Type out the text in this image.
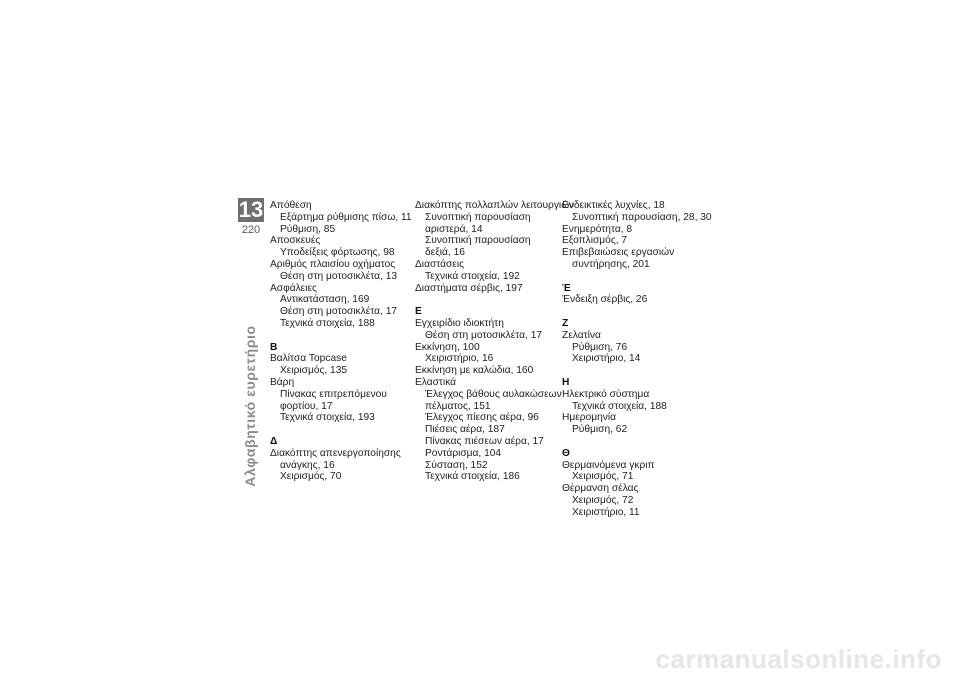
13
220
Αλφαβητικό ευρετήριο
Απόθεση
Εξάρτημα ρύθμισης πίσω, 11
Ρύθμιση, 85
Αποσκευές
Υποδείξεις φόρτωσης, 98
Αριθμός πλαισίου οχήματος
Θέση στη μοτοσικλέτα, 13
Ασφάλειες
Αντικατάσταση, 169
Θέση στη μοτοσικλέτα, 17
Τεχνικά στοιχεία, 188
Β
Βαλίτσα Topcase
Χειρισμός, 135
Βάρη
Πίνακας επιτρεπόμενου
φορτίου, 17
Τεχνικά στοιχεία, 193
Δ
Διακόπτης απενεργοποίησης
ανάγκης, 16
Χειρισμός, 70
Διακόπτης πολλαπλών λειτουργιών
Συνοπτική παρουσίαση
αριστερά, 14
Συνοπτική παρουσίαση
δεξιά, 16
Διαστάσεις
Τεχνικά στοιχεία, 192
Διαστήματα σέρβις, 197
Ε
Εγχειρίδιο ιδιοκτήτη
Θέση στη μοτοσικλέτα, 17
Εκκίνηση, 100
Χειριστήριο, 16
Εκκίνηση με καλώδια, 160
Ελαστικά
Έλεγχος βάθους αυλακώσεων
πέλματος, 151
Έλεγχος πίεσης αέρα, 96
Πιέσεις αέρα, 187
Πίνακας πιέσεων αέρα, 17
Ροντάρισμα, 104
Σύσταση, 152
Τεχνικά στοιχεία, 186
Ενδεικτικές λυχνίες, 18
Συνοπτική παρουσίαση, 28, 30
Ενημερότητα, 8
Εξοπλισμός, 7
Επιβεβαιώσεις εργασιών
συντήρησης, 201
Έ
Ένδειξη σέρβις, 26
Ζ
Ζελατίνα
Ρύθμιση, 76
Χειριστήριο, 14
Η
Ηλεκτρικό σύστημα
Τεχνικά στοιχεία, 188
Ημερομηνία
Ρύθμιση, 62
Θ
Θερμαινόμενα γκριπ
Χειρισμός, 71
Θέρμανση σέλας
Χειρισμός, 72
Χειριστήριο, 11
carmanualsonline.info
